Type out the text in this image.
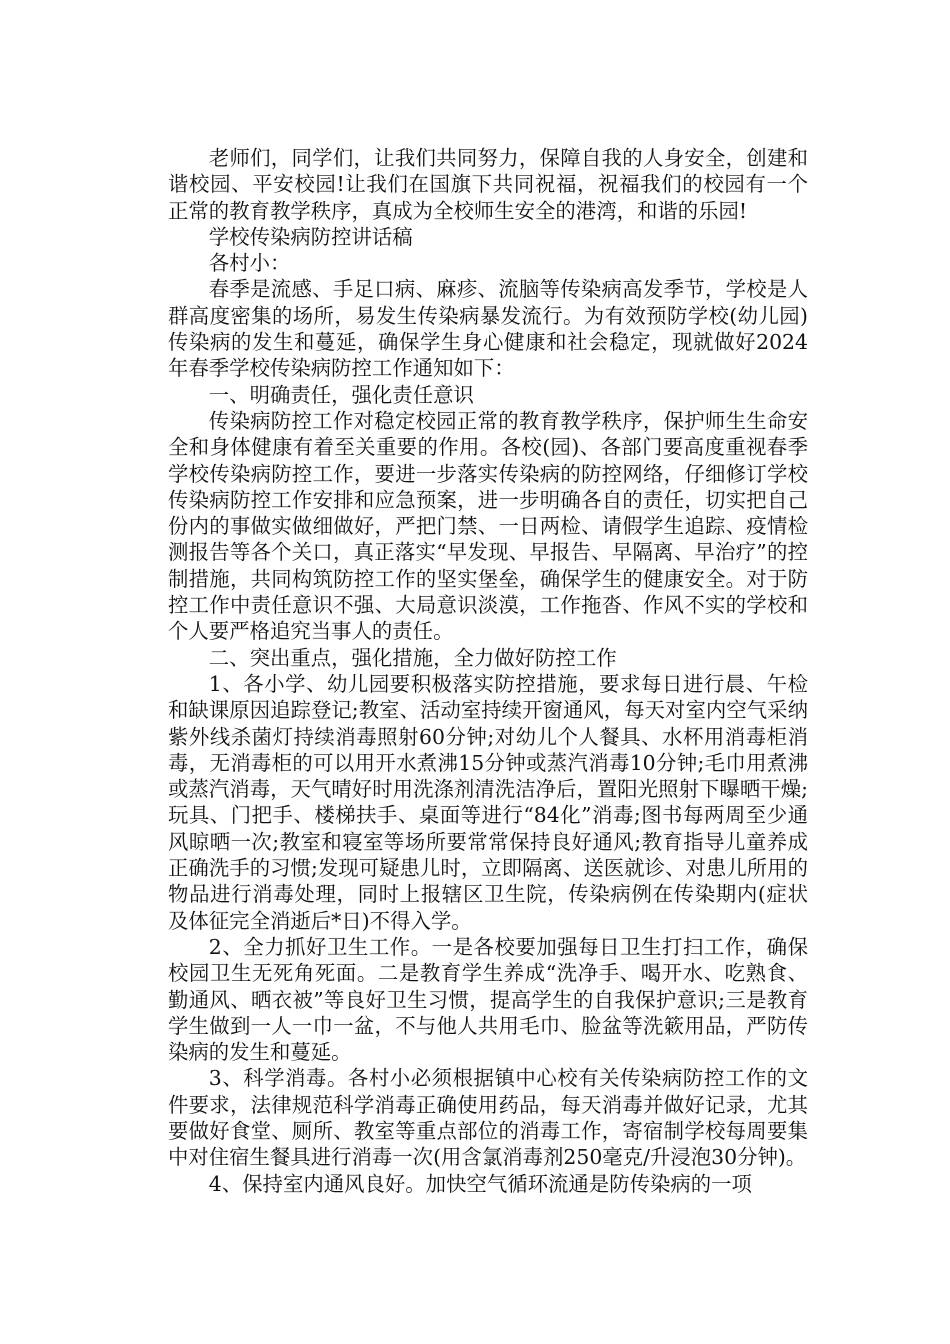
老师们，同学们，让我们共同努力，保障自我的人身安全，创建和谐校园、平安校园!让我们在国旗下共同祝福，祝福我们的校园有一个正常的教育教学秩序，真成为全校师生安全的港湾，和谐的乐园!

学校传染病防控讲话稿

各村小：

春季是流感、手足口病、麻疹、流脑等传染病高发季节，学校是人群高度密集的场所，易发生传染病暴发流行。为有效预防学校(幼儿园)传染病的发生和蔓延，确保学生身心健康和社会稳定，现就做好2024年春季学校传染病防控工作通知如下：

一、明确责任，强化责任意识

传染病防控工作对稳定校园正常的教育教学秩序，保护师生生命安全和身体健康有着至关重要的作用。各校(园)、各部门要高度重视春季学校传染病防控工作，要进一步落实传染病的防控网络，仔细修订学校传染病防控工作安排和应急预案，进一步明确各自的责任，切实把自己份内的事做实做细做好，严把门禁、一日两检、请假学生追踪、疫情检测报告等各个关口，真正落实“早发现、早报告、早隔离、早治疗”的控制措施，共同构筑防控工作的坚实堡垒，确保学生的健康安全。对于防控工作中责任意识不强、大局意识淡漠，工作拖沓、作风不实的学校和个人要严格追究当事人的责任。

二、突出重点，强化措施，全力做好防控工作

1、各小学、幼儿园要积极落实防控措施，要求每日进行晨、午检和缺课原因追踪登记;教室、活动室持续开窗通风，每天对室内空气采纳紫外线杀菌灯持续消毒照射60分钟;对幼儿个人餐具、水杯用消毒柜消毒，无消毒柜的可以用开水煮沸15分钟或蒸汽消毒10分钟;毛巾用煮沸或蒸汽消毒，天气晴好时用洗涤剂清洗洁净后，置阳光照射下曝晒干燥;玩具、门把手、楼梯扶手、桌面等进行“84化”消毒;图书每两周至少通风晾晒一次;教室和寝室等场所要常常保持良好通风;教育指导儿童养成正确洗手的习惯;发现可疑患儿时，立即隔离、送医就诊、对患儿所用的物品进行消毒处理，同时上报辖区卫生院，传染病例在传染期内(症状及体征完全消逝后*日)不得入学。

2、全力抓好卫生工作。一是各校要加强每日卫生打扫工作，确保校园卫生无死角死面。二是教育学生养成“洗净手、喝开水、吃熟食、勤通风、晒衣被”等良好卫生习惯，提高学生的自我保护意识;三是教育学生做到一人一巾一盆，不与他人共用毛巾、脸盆等洗簌用品，严防传染病的发生和蔓延。

3、科学消毒。各村小必须根据镇中心校有关传染病防控工作的文件要求，法律规范科学消毒正确使用药品，每天消毒并做好记录，尤其要做好食堂、厕所、教室等重点部位的消毒工作，寄宿制学校每周要集中对住宿生餐具进行消毒一次(用含氯消毒剂250毫克/升浸泡30分钟)。

4、保持室内通风良好。加快空气循环流通是防传染病的一项
